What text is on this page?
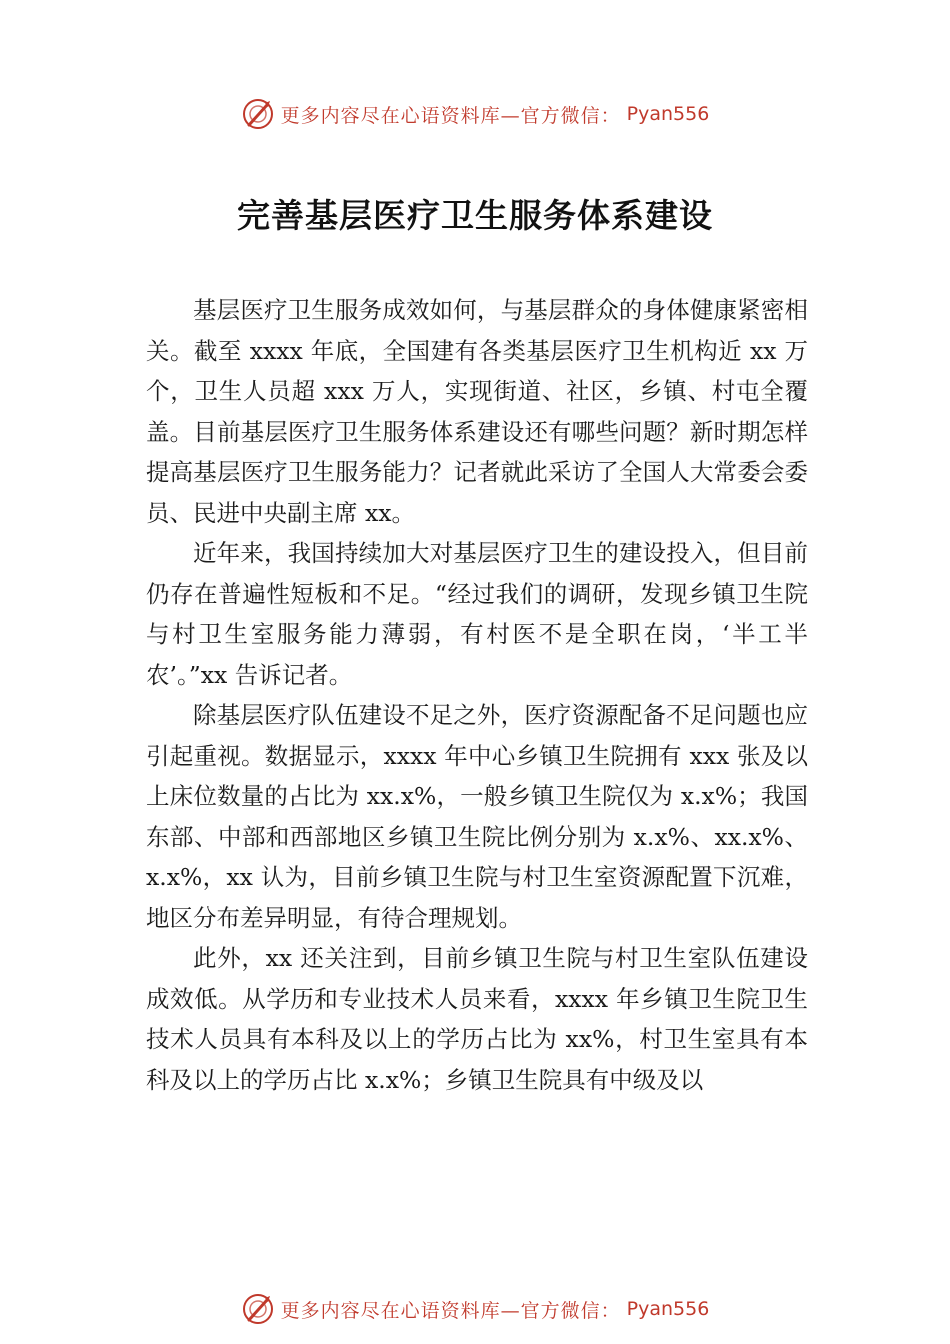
更多内容尽在心语资料库—官方微信： Pyan556
完善基层医疗卫生服务体系建设

基层医疗卫生服务成效如何，与基层群众的身体健康紧密相关。截至 xxxx 年底，全国建有各类基层医疗卫生机构近 xx 万个，卫生人员超 xxx 万人，实现街道、社区，乡镇、村屯全覆盖。目前基层医疗卫生服务体系建设还有哪些问题？新时期怎样提高基层医疗卫生服务能力？记者就此采访了全国人大常委会委员、民进中央副主席 xx。

近年来，我国持续加大对基层医疗卫生的建设投入，但目前仍存在普遍性短板和不足。“经过我们的调研，发现乡镇卫生院与村卫生室服务能力薄弱，有村医不是全职在岗，‘半工半农’。”xx 告诉记者。

除基层医疗队伍建设不足之外，医疗资源配备不足问题也应引起重视。数据显示，xxxx 年中心乡镇卫生院拥有 xxx 张及以上床位数量的占比为 xx.x%，一般乡镇卫生院仅为 x.x%；我国东部、中部和西部地区乡镇卫生院比例分别为 x.x%、xx.x%、x.x%，xx 认为，目前乡镇卫生院与村卫生室资源配置下沉难，地区分布差异明显，有待合理规划。

此外，xx 还关注到，目前乡镇卫生院与村卫生室队伍建设成效低。从学历和专业技术人员来看，xxxx 年乡镇卫生院卫生技术人员具有本科及以上的学历占比为 xx%，村卫生室具有本科及以上的学历占比 x.x%；乡镇卫生院具有中级及以

更多内容尽在心语资料库—官方微信： Pyan556
